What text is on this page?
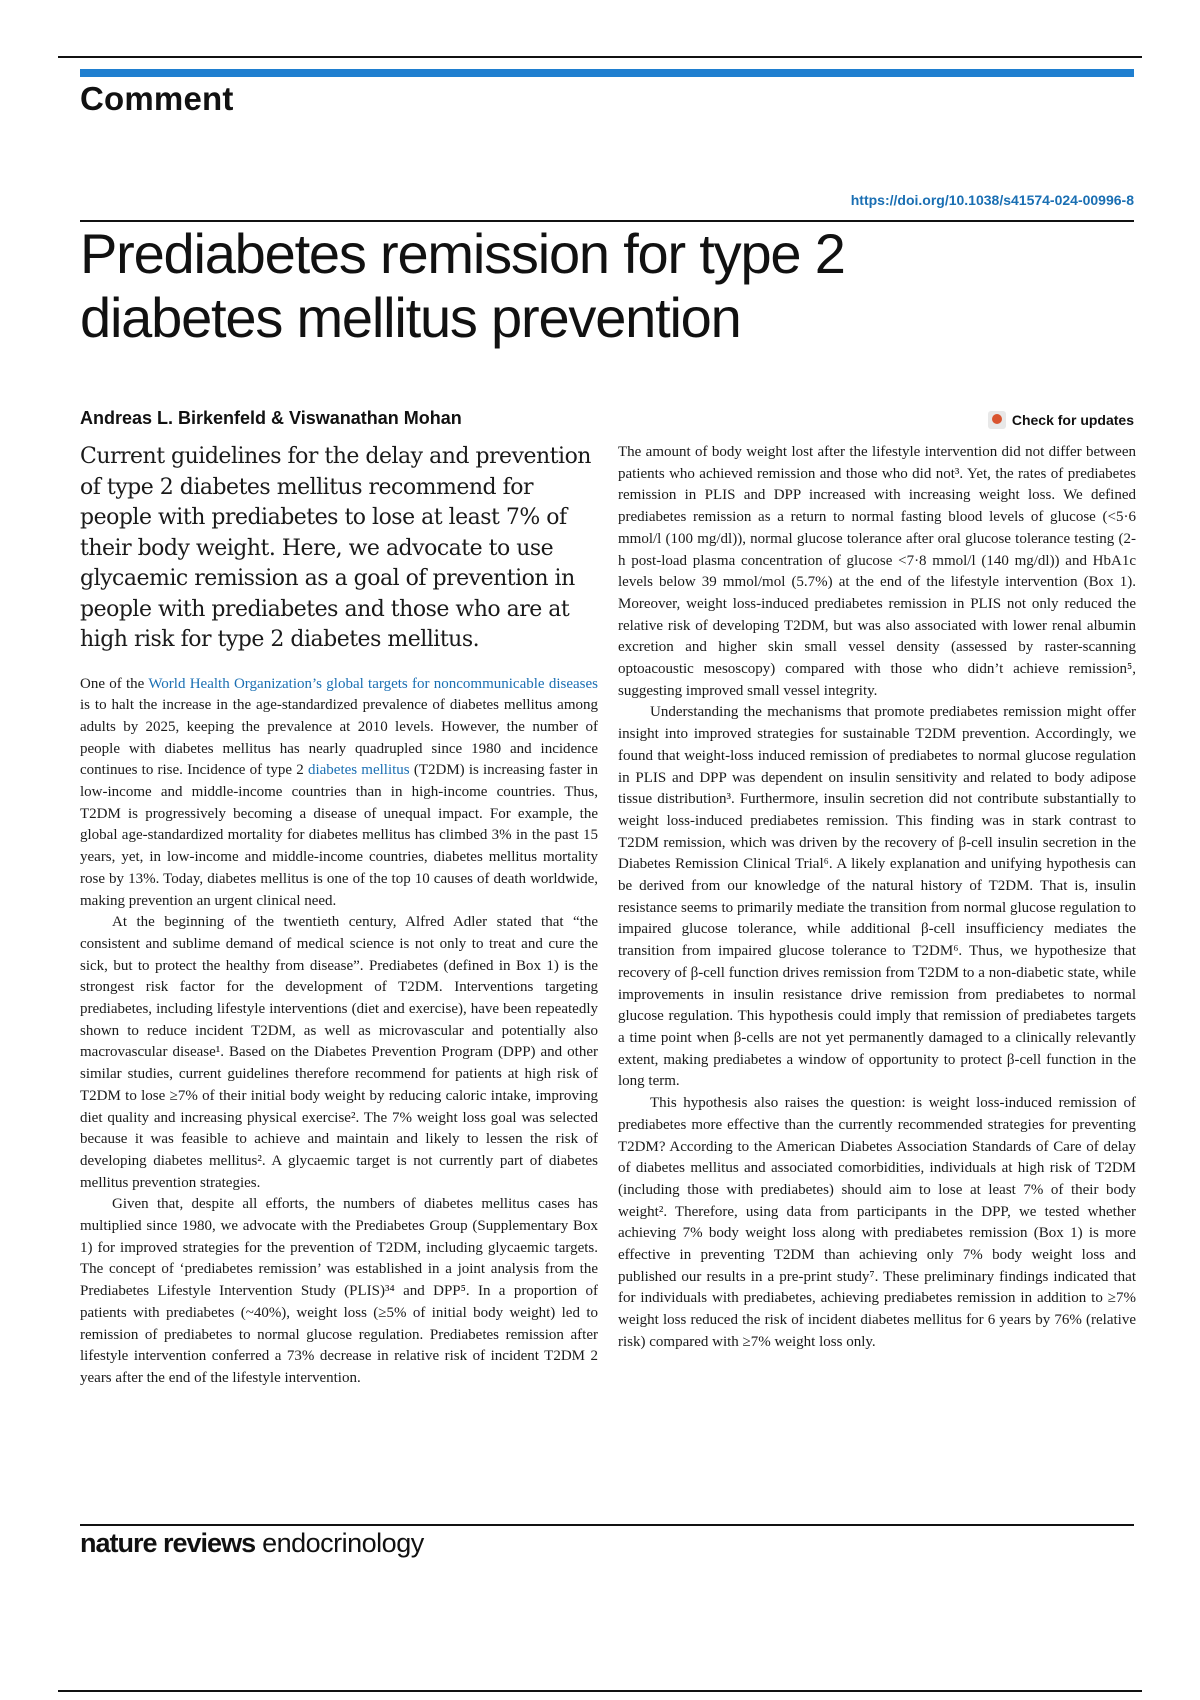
Comment
https://doi.org/10.1038/s41574-024-00996-8
Prediabetes remission for type 2
diabetes mellitus prevention
Andreas L. Birkenfeld & Viswanathan Mohan	Check for updates

Current guidelines for the delay and prevention of type 2 diabetes mellitus recommend for people with prediabetes to lose at least 7% of their body weight. Here, we advocate to use glycaemic remission as a goal of prevention in people with prediabetes and those who are at high risk for type 2 diabetes mellitus.

One of the World Health Organization’s global targets for noncommunicable diseases is to halt the increase in the age-standardized prevalence of diabetes mellitus among adults by 2025, keeping the prevalence at 2010 levels. However, the number of people with diabetes mellitus has nearly quadrupled since 1980 and incidence continues to rise. Incidence of type 2 diabetes mellitus (T2DM) is increasing faster in low-income and middle-income countries than in high-income countries. Thus, T2DM is progressively becoming a disease of unequal impact. For example, the global age-standardized mortality for diabetes mellitus has climbed 3% in the past 15 years, yet, in low-income and middle-income countries, diabetes mellitus mortality rose by 13%. Today, diabetes mellitus is one of the top 10 causes of death worldwide, making prevention an urgent clinical need.

At the beginning of the twentieth century, Alfred Adler stated that “the consistent and sublime demand of medical science is not only to treat and cure the sick, but to protect the healthy from disease”. Prediabetes (defined in Box 1) is the strongest risk factor for the development of T2DM. Interventions targeting prediabetes, including lifestyle interventions (diet and exercise), have been repeatedly shown to reduce incident T2DM, as well as microvascular and potentially also macrovascular disease¹. Based on the Diabetes Prevention Program (DPP) and other similar studies, current guidelines therefore recommend for patients at high risk of T2DM to lose ≥7% of their initial body weight by reducing caloric intake, improving diet quality and increasing physical exercise². The 7% weight loss goal was selected because it was feasible to achieve and maintain and likely to lessen the risk of developing diabetes mellitus². A glycaemic target is not currently part of diabetes mellitus prevention strategies.

Given that, despite all efforts, the numbers of diabetes mellitus cases has multiplied since 1980, we advocate with the Prediabetes Group (Supplementary Box 1) for improved strategies for the prevention of T2DM, including glycaemic targets. The concept of ‘prediabetes remission’ was established in a joint analysis from the Prediabetes Lifestyle Intervention Study (PLIS)³⁴ and DPP⁵. In a proportion of patients with prediabetes (~40%), weight loss (≥5% of initial body weight) led to remission of prediabetes to normal glucose regulation. Prediabetes remission after lifestyle intervention conferred a 73% decrease in relative risk of incident T2DM 2 years after the end of the lifestyle intervention.

The amount of body weight lost after the lifestyle intervention did not differ between patients who achieved remission and those who did not³. Yet, the rates of prediabetes remission in PLIS and DPP increased with increasing weight loss. We defined prediabetes remission as a return to normal fasting blood levels of glucose (<5·6 mmol/l (100 mg/dl)), normal glucose tolerance after oral glucose tolerance testing (2-h post-load plasma concentration of glucose <7·8 mmol/l (140 mg/dl)) and HbA1c levels below 39 mmol/mol (5.7%) at the end of the lifestyle intervention (Box 1). Moreover, weight loss-induced prediabetes remission in PLIS not only reduced the relative risk of developing T2DM, but was also associated with lower renal albumin excretion and higher skin small vessel density (assessed by raster-scanning optoacoustic mesoscopy) compared with those who didn’t achieve remission⁵, suggesting improved small vessel integrity.

Understanding the mechanisms that promote prediabetes remission might offer insight into improved strategies for sustainable T2DM prevention. Accordingly, we found that weight-loss induced remission of prediabetes to normal glucose regulation in PLIS and DPP was dependent on insulin sensitivity and related to body adipose tissue distribution³. Furthermore, insulin secretion did not contribute substantially to weight loss-induced prediabetes remission. This finding was in stark contrast to T2DM remission, which was driven by the recovery of β-cell insulin secretion in the Diabetes Remission Clinical Trial⁶. A likely explanation and unifying hypothesis can be derived from our knowledge of the natural history of T2DM. That is, insulin resistance seems to primarily mediate the transition from normal glucose regulation to impaired glucose tolerance, while additional β-cell insufficiency mediates the transition from impaired glucose tolerance to T2DM⁶. Thus, we hypothesize that recovery of β-cell function drives remission from T2DM to a non-diabetic state, while improvements in insulin resistance drive remission from prediabetes to normal glucose regulation. This hypothesis could imply that remission of prediabetes targets a time point when β-cells are not yet permanently damaged to a clinically relevantly extent, making prediabetes a window of opportunity to protect β-cell function in the long term.

This hypothesis also raises the question: is weight loss-induced remission of prediabetes more effective than the currently recommended strategies for preventing T2DM? According to the American Diabetes Association Standards of Care of delay of diabetes mellitus and associated comorbidities, individuals at high risk of T2DM (including those with prediabetes) should aim to lose at least 7% of their body weight². Therefore, using data from participants in the DPP, we tested whether achieving 7% body weight loss along with prediabetes remission (Box 1) is more effective in preventing T2DM than achieving only 7% body weight loss and published our results in a pre-print study⁷. These preliminary findings indicated that for individuals with prediabetes, achieving prediabetes remission in addition to ≥7% weight loss reduced the risk of incident diabetes mellitus for 6 years by 76% (relative risk) compared with ≥7% weight loss only.

nature reviews endocrinology
